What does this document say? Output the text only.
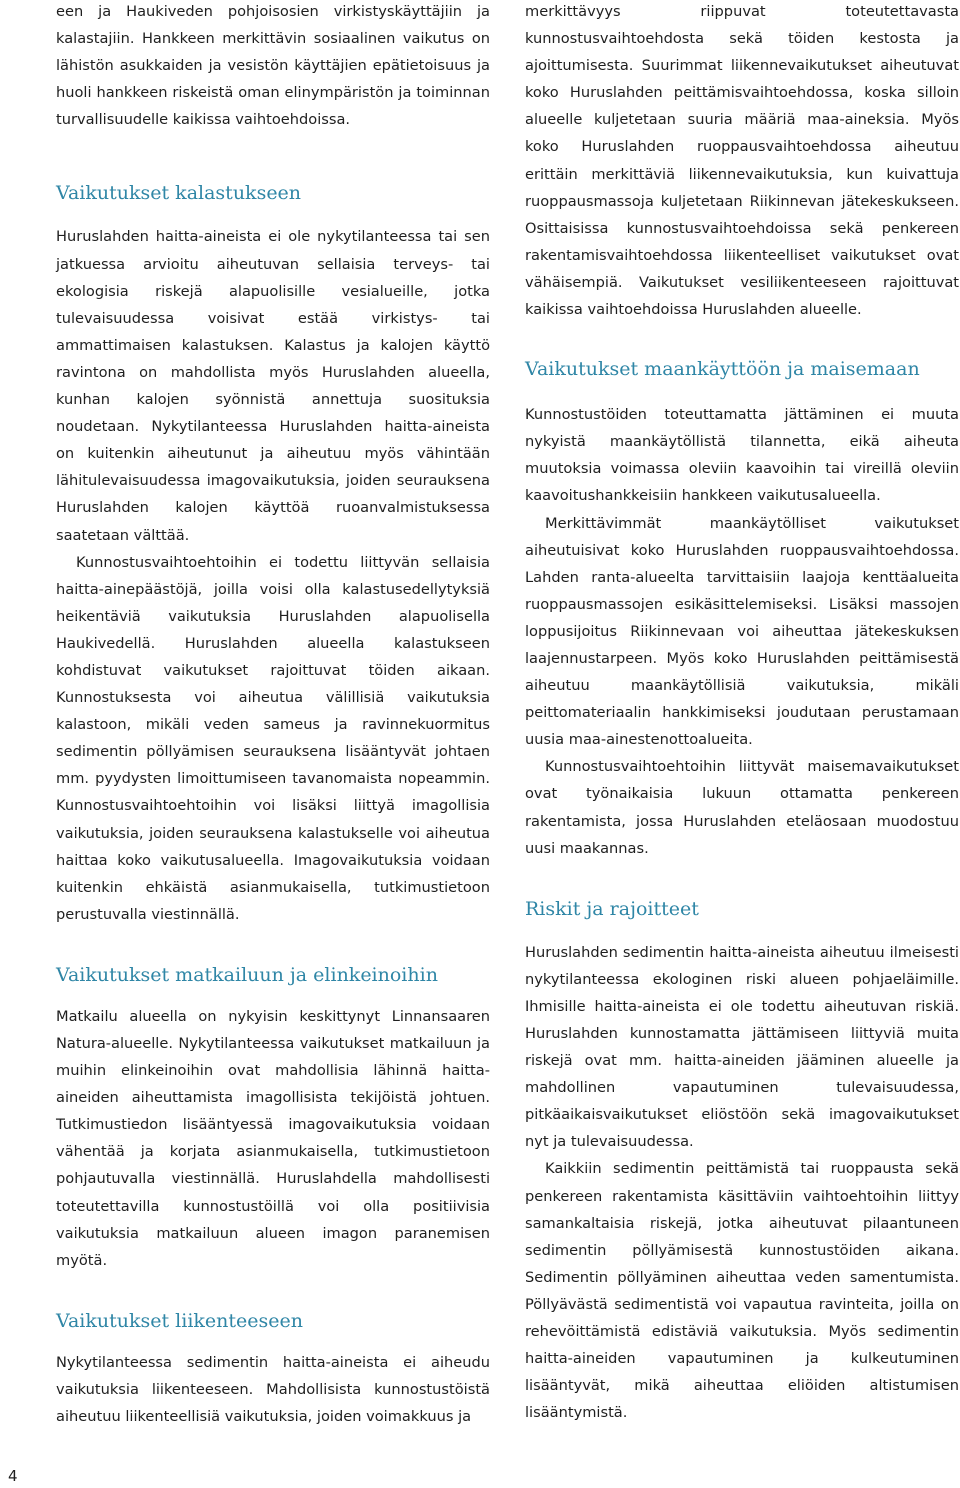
een ja Haukiveden pohjoisosien virkistyskäyttäjiin ja kalastajiin. Hankkeen merkittävin sosiaalinen vaikutus on lähistön asukkaiden ja vesistön käyttäjien epätietoisuus ja huoli hankkeen riskeistä oman elinympäristön ja toiminnan turvallisuudelle kaikissa vaihtoehdoissa.

Vaikutukset kalastukseen

Huruslahden haitta-aineista ei ole nykytilanteessa tai sen jatkuessa arvioitu aiheutuvan sellaisia terveys- tai ekologisia riskejä alapuolisille vesialueille, jotka tulevaisuudessa voisivat estää virkistys- tai ammattimaisen kalastuksen. Kalastus ja kalojen käyttö ravintona on mahdollista myös Huruslahden alueella, kunhan kalojen syönnistä annettuja suosituksia noudetaan. Nykytilanteessa Huruslahden haitta-aineista on kuitenkin aiheutunut ja aiheutuu myös vähintään lähitulevaisuudessa imagovaikutuksia, joiden seurauksena Huruslahden kalojen käyttöä ruoanvalmistuksessa saatetaan välttää.

Kunnostusvaihtoehtoihin ei todettu liittyvän sellaisia haitta-ainepäästöjä, joilla voisi olla kalastusedellytyksiä heikentäviä vaikutuksia Huruslahden alapuolisella Haukivedellä. Huruslahden alueella kalastukseen kohdistuvat vaikutukset rajoittuvat töiden aikaan. Kunnostuksesta voi aiheutua välillisiä vaikutuksia kalastoon, mikäli veden sameus ja ravinnekuormitus sedimentin pöllyämisen seurauksena lisääntyvät johtaen mm. pyydysten limoittumiseen tavanomaista nopeammin. Kunnostusvaihtoehtoihin voi lisäksi liittyä imagollisia vaikutuksia, joiden seurauksena kalastukselle voi aiheutua haittaa koko vaikutusalueella. Imagovaikutuksia voidaan kuitenkin ehkäistä asianmukaisella, tutkimustietoon perustuvalla viestinnällä.

Vaikutukset matkailuun ja elinkeinoihin

Matkailu alueella on nykyisin keskittynyt Linnansaaren Natura-alueelle. Nykytilanteessa vaikutukset matkailuun ja muihin elinkeinoihin ovat mahdollisia lähinnä haitta-aineiden aiheuttamista imagollisista tekijöistä johtuen. Tutkimustiedon lisääntyessä imagovaikutuksia voidaan vähentää ja korjata asianmukaisella, tutkimustietoon pohjautuvalla viestinnällä. Huruslahdella mahdollisesti toteutettavilla kunnostustöillä voi olla positiivisia vaikutuksia matkailuun alueen imagon paranemisen myötä.

Vaikutukset liikenteeseen

Nykytilanteessa sedimentin haitta-aineista ei aiheudu vaikutuksia liikenteeseen. Mahdollisista kunnostustöistä aiheutuu liikenteellisiä vaikutuksia, joiden voimakkuus ja

merkittävyys riippuvat toteutettavasta kunnostusvaihtoehdosta sekä töiden kestosta ja ajoittumisesta. Suurimmat liikennevaikutukset aiheutuvat koko Huruslahden peittämisvaihtoehdossa, koska silloin alueelle kuljetetaan suuria määriä maa-aineksia. Myös koko Huruslahden ruoppausvaihtoehdossa aiheutuu erittäin merkittäviä liikennevaikutuksia, kun kuivattuja ruoppausmassoja kuljetetaan Riikinnevan jätekeskukseen. Osittaisissa kunnostusvaihtoehdoissa sekä penkereen rakentamisvaihtoehdossa liikenteelliset vaikutukset ovat vähäisempiä. Vaikutukset vesiliikenteeseen rajoittuvat kaikissa vaihtoehdoissa Huruslahden alueelle.

Vaikutukset maankäyttöön ja maisemaan

Kunnostustöiden toteuttamatta jättäminen ei muuta nykyistä maankäytöllistä tilannetta, eikä aiheuta muutoksia voimassa oleviin kaavoihin tai vireillä oleviin kaavoitushankkeisiin hankkeen vaikutusalueella.

Merkittävimmät maankäytölliset vaikutukset aiheutuisivat koko Huruslahden ruoppausvaihtoehdossa. Lahden ranta-alueelta tarvittaisiin laajoja kenttäalueita ruoppausmassojen esikäsittelemiseksi. Lisäksi massojen loppusijoitus Riikinnevaan voi aiheuttaa jätekeskuksen laajennustarpeen. Myös koko Huruslahden peittämisestä aiheutuu maankäytöllisiä vaikutuksia, mikäli peittomateriaalin hankkimiseksi joudutaan perustamaan uusia maa-ainestenottoalueita.

Kunnostusvaihtoehtoihin liittyvät maisemavaikutukset ovat työnaikaisia lukuun ottamatta penkereen rakentamista, jossa Huruslahden eteläosaan muodostuu uusi maakannas.

Riskit ja rajoitteet

Huruslahden sedimentin haitta-aineista aiheutuu ilmeisesti nykytilanteessa ekologinen riski alueen pohjaeläimille. Ihmisille haitta-aineista ei ole todettu aiheutuvan riskiä. Huruslahden kunnostamatta jättämiseen liittyviä muita riskejä ovat mm. haitta-aineiden jääminen alueelle ja mahdollinen vapautuminen tulevaisuudessa, pitkäaikaisvaikutukset eliöstöön sekä imagovaikutukset nyt ja tulevaisuudessa.

Kaikkiin sedimentin peittämistä tai ruoppausta sekä penkereen rakentamista käsittäviin vaihtoehtoihin liittyy samankaltaisia riskejä, jotka aiheutuvat pilaantuneen sedimentin pöllyämisestä kunnostustöiden aikana. Sedimentin pöllyäminen aiheuttaa veden samentumista. Pöllyävästä sedimentistä voi vapautua ravinteita, joilla on rehevöittämistä edistäviä vaikutuksia. Myös sedimentin haitta-aineiden vapautuminen ja kulkeutuminen lisääntyvät, mikä aiheuttaa eliöiden altistumisen lisääntymistä.

4
